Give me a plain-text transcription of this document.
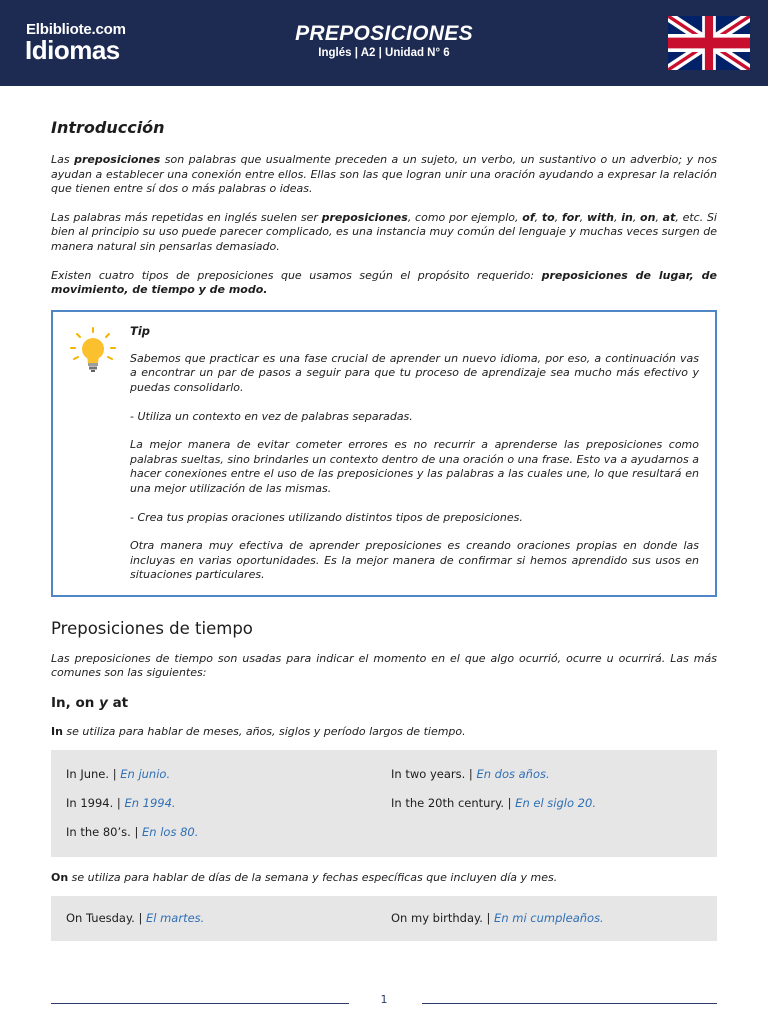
Elbibliote.com
Idiomas
PREPOSICIONES
Inglés | A2 | Unidad N° 6
Introducción

Las preposiciones son palabras que usualmente preceden a un sujeto, un verbo, un sustantivo o un adverbio; y nos ayudan a establecer una conexión entre ellos. Ellas son las que logran unir una oración ayudando a expresar la relación que tienen entre sí dos o más palabras o ideas.

Las palabras más repetidas en inglés suelen ser preposiciones, como por ejemplo, of, to, for, with, in, on, at, etc. Si bien al principio su uso puede parecer complicado, es una instancia muy común del lenguaje y muchas veces surgen de manera natural sin pensarlas demasiado.

Existen cuatro tipos de preposiciones que usamos según el propósito requerido: preposiciones de lugar, de movimiento, de tiempo y de modo.

Tip

Sabemos que practicar es una fase crucial de aprender un nuevo idioma, por eso, a continuación vas a encontrar un par de pasos a seguir para que tu proceso de aprendizaje sea mucho más efectivo y puedas consolidarlo.

- Utiliza un contexto en vez de palabras separadas.

La mejor manera de evitar cometer errores es no recurrir a aprenderse las preposiciones como palabras sueltas, sino brindarles un contexto dentro de una oración o una frase. Esto va a ayudarnos a hacer conexiones entre el uso de las preposiciones y las palabras a las cuales une, lo que resultará en una mejor utilización de las mismas.

- Crea tus propias oraciones utilizando distintos tipos de preposiciones.

Otra manera muy efectiva de aprender preposiciones es creando oraciones propias en donde las incluyas en varias oportunidades. Es la mejor manera de confirmar si hemos aprendido sus usos en situaciones particulares.

Preposiciones de tiempo

Las preposiciones de tiempo son usadas para indicar el momento en el que algo ocurrió, ocurre u ocurrirá. Las más comunes son las siguientes:

In, on y at
In se utiliza para hablar de meses, años, siglos y período largos de tiempo.
In June. | En junio.	In two years. | En dos años.
In 1994. | En 1994.	In the 20th century. | En el siglo 20.
In the 80’s. | En los 80.
On se utiliza para hablar de días de la semana y fechas específicas que incluyen día y mes.
On Tuesday. | El martes.	On my birthday. | En mi cumpleaños.
1
